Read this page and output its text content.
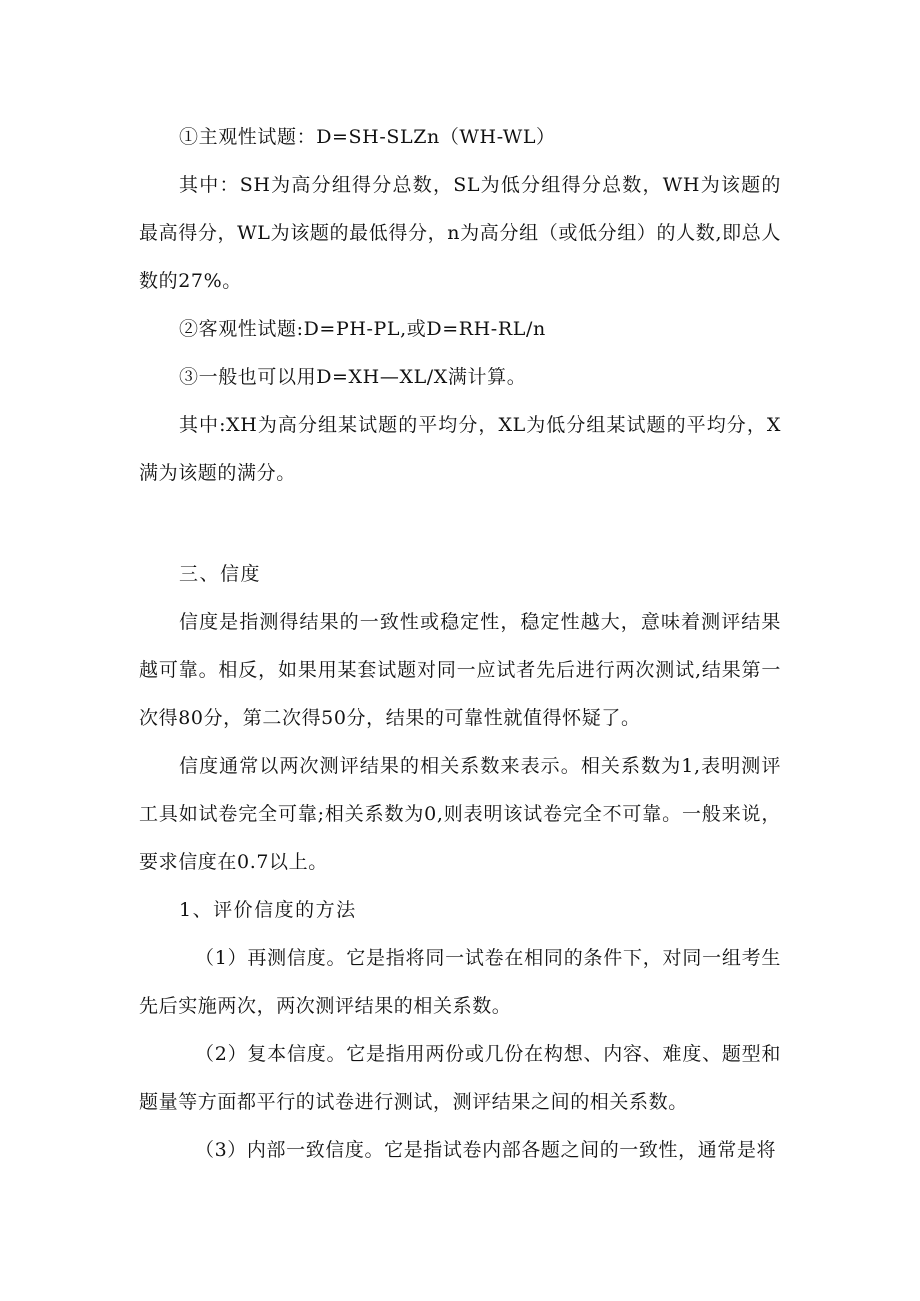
①主观性试题：D=SH-SLZn（WH-WL）

其中：SH为高分组得分总数，SL为低分组得分总数，WH为该题的最高得分，WL为该题的最低得分，n为高分组（或低分组）的人数,即总人数的27%。

②客观性试题:D=PH-PL,或D=RH-RL/n

③一般也可以用D=XH—XL/X满计算。

其中:XH为高分组某试题的平均分，XL为低分组某试题的平均分，X满为该题的满分。

三、信度

信度是指测得结果的一致性或稳定性，稳定性越大，意味着测评结果越可靠。相反，如果用某套试题对同一应试者先后进行两次测试,结果第一次得80分，第二次得50分，结果的可靠性就值得怀疑了。

信度通常以两次测评结果的相关系数来表示。相关系数为1,表明测评工具如试卷完全可靠;相关系数为0,则表明该试卷完全不可靠。一般来说，要求信度在0.7以上。

1、评价信度的方法

（1）再测信度。它是指将同一试卷在相同的条件下，对同一组考生先后实施两次，两次测评结果的相关系数。

（2）复本信度。它是指用两份或几份在构想、内容、难度、题型和题量等方面都平行的试卷进行测试，测评结果之间的相关系数。

（3）内部一致信度。它是指试卷内部各题之间的一致性，通常是将
